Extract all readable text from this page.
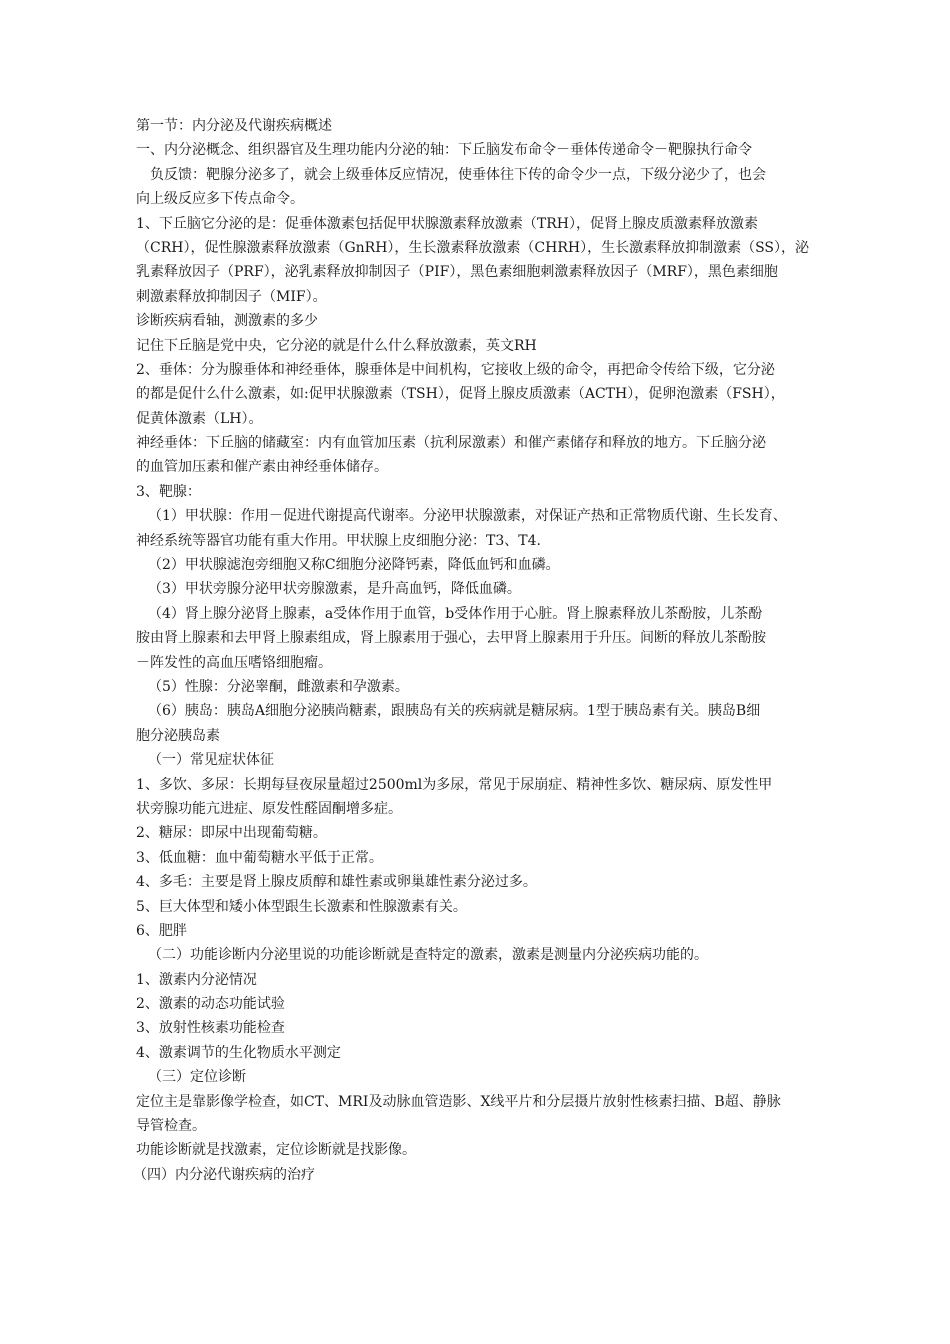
第一节：内分泌及代谢疾病概述
一、内分泌概念、组织器官及生理功能内分泌的轴：下丘脑发布命令－垂体传递命令－靶腺执行命令
负反馈：靶腺分泌多了，就会上级垂体反应情况，使垂体往下传的命令少一点，下级分泌少了，也会
向上级反应多下传点命令。
1、下丘脑它分泌的是：促垂体激素包括促甲状腺激素释放激素（TRH），促肾上腺皮质激素释放激素
（CRH），促性腺激素释放激素（GnRH），生长激素释放激素（CHRH），生长激素释放抑制激素（SS），泌
乳素释放因子（PRF），泌乳素释放抑制因子（PIF），黑色素细胞刺激素释放因子（MRF），黑色素细胞
刺激素释放抑制因子（MIF）。
诊断疾病看轴，测激素的多少
记住下丘脑是党中央，它分泌的就是什么什么释放激素，英文RH
2、垂体：分为腺垂体和神经垂体，腺垂体是中间机构，它接收上级的命令，再把命令传给下级，它分泌
的都是促什么什么激素，如:促甲状腺激素（TSH），促肾上腺皮质激素（ACTH），促卵泡激素（FSH），
促黄体激素（LH）。
神经垂体：下丘脑的储藏室：内有血管加压素（抗利尿激素）和催产素储存和释放的地方。下丘脑分泌
的血管加压素和催产素由神经垂体储存。
3、靶腺：
（1）甲状腺：作用－促进代谢提高代谢率。分泌甲状腺激素，对保证产热和正常物质代谢、生长发育、
神经系统等器官功能有重大作用。甲状腺上皮细胞分泌：T3、T4.
（2）甲状腺滤泡旁细胞又称C细胞分泌降钙素，降低血钙和血磷。
（3）甲状旁腺分泌甲状旁腺激素，是升高血钙，降低血磷。
（4）肾上腺分泌肾上腺素，a受体作用于血管，b受体作用于心脏。肾上腺素释放儿茶酚胺，儿茶酚
胺由肾上腺素和去甲肾上腺素组成，肾上腺素用于强心，去甲肾上腺素用于升压。间断的释放儿茶酚胺
－阵发性的高血压嗜铬细胞瘤。
（5）性腺：分泌睾酮，雌激素和孕激素。
（6）胰岛：胰岛A细胞分泌胰尚糖素，跟胰岛有关的疾病就是糖尿病。1型于胰岛素有关。胰岛B细
胞分泌胰岛素
（一）常见症状体征
1、多饮、多尿：长期每昼夜尿量超过2500ml为多尿，常见于尿崩症、精神性多饮、糖尿病、原发性甲
状旁腺功能亢进症、原发性醛固酮增多症。
2、糖尿：即尿中出现葡萄糖。
3、低血糖：血中葡萄糖水平低于正常。
4、多毛：主要是肾上腺皮质醇和雄性素或卵巢雄性素分泌过多。
5、巨大体型和矮小体型跟生长激素和性腺激素有关。
6、肥胖
（二）功能诊断内分泌里说的功能诊断就是查特定的激素，激素是测量内分泌疾病功能的。
1、激素内分泌情况
2、激素的动态功能试验
3、放射性核素功能检查
4、激素调节的生化物质水平测定
（三）定位诊断
定位主是靠影像学检查，如CT、MRI及动脉血管造影、X线平片和分层摄片放射性核素扫描、B超、静脉
导管检查。
功能诊断就是找激素，定位诊断就是找影像。
（四）内分泌代谢疾病的治疗
